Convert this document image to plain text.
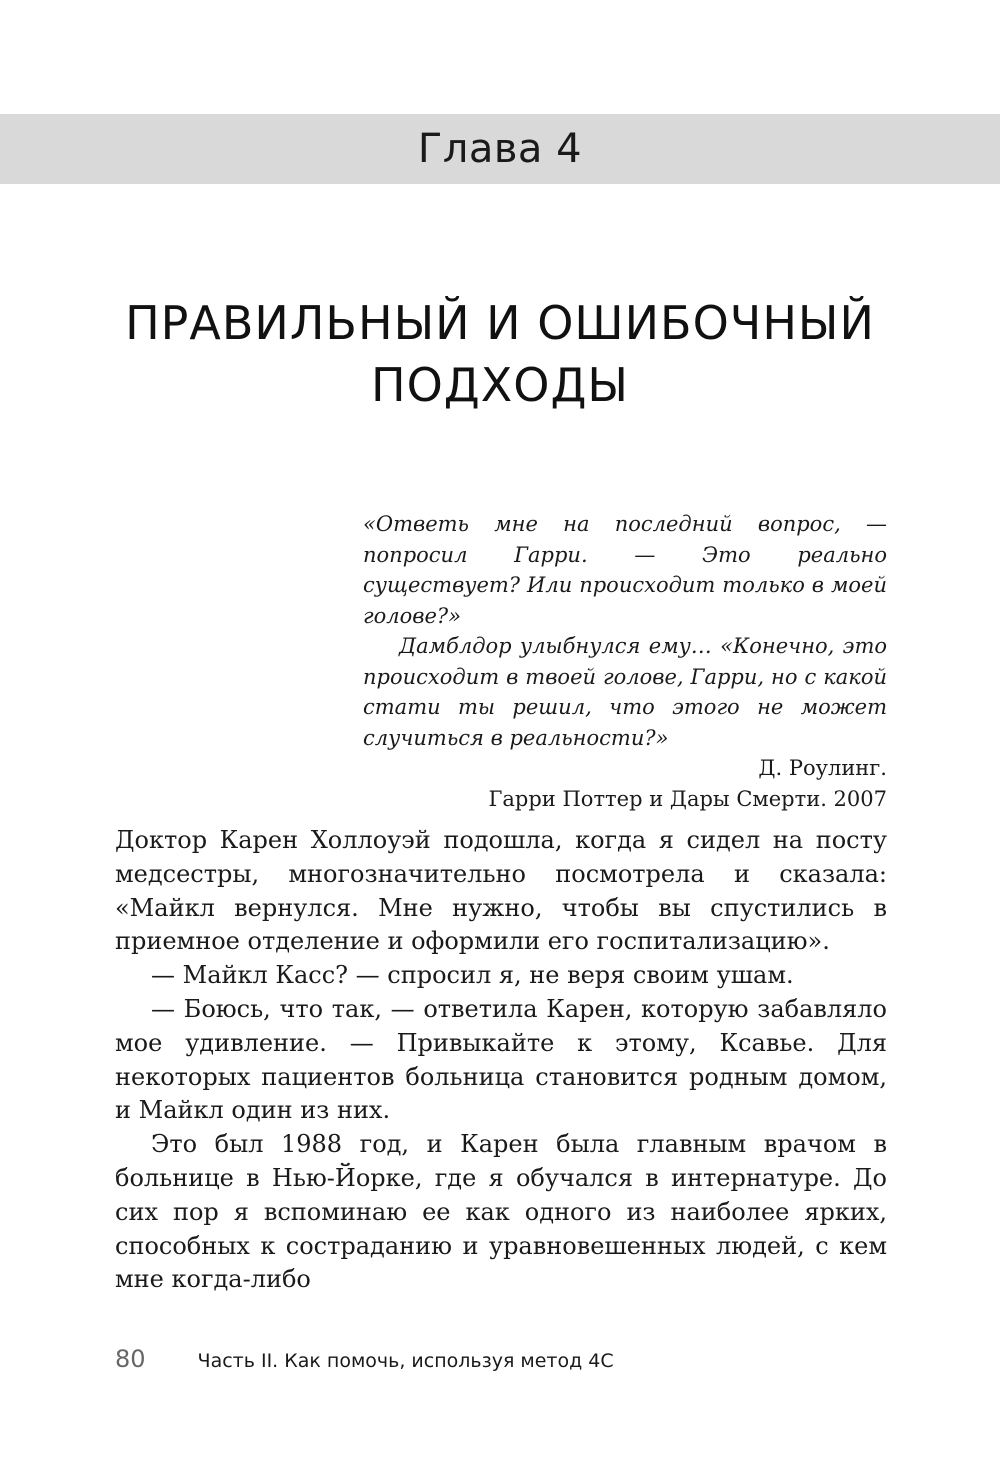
Глава 4
ПРАВИЛЬНЫЙ И ОШИБОЧНЫЙ
ПОДХОДЫ

«Ответь мне на последний вопрос, — попросил Гарри. — Это реально существует? Или происходит только в моей голове?»

Дамблдор улыбнулся ему… «Конечно, это происходит в твоей голове, Гарри, но с какой стати ты решил, что этого не может случиться в реальности?»

Д. Роулинг.
Гарри Поттер и Дары Смерти. 2007

Доктор Карен Холлоуэй подошла, когда я сидел на посту медсестры, многозначительно посмотрела и сказала: «Майкл вернулся. Мне нужно, чтобы вы спустились в приемное отделение и оформили его госпитализацию».

— Майкл Касс? — спросил я, не веря своим ушам.

— Боюсь, что так, — ответила Карен, которую забавляло мое удивление. — Привыкайте к этому, Ксавье. Для некоторых пациентов больница становится родным домом, и Майкл один из них.

Это был 1988 год, и Карен была главным врачом в больнице в Нью-Йорке, где я обучался в интернатуре. До сих пор я вспоминаю ее как одного из наиболее ярких, способных к состраданию и уравновешенных людей, с кем мне когда-либо

80	Часть II. Как помочь, используя метод 4С
